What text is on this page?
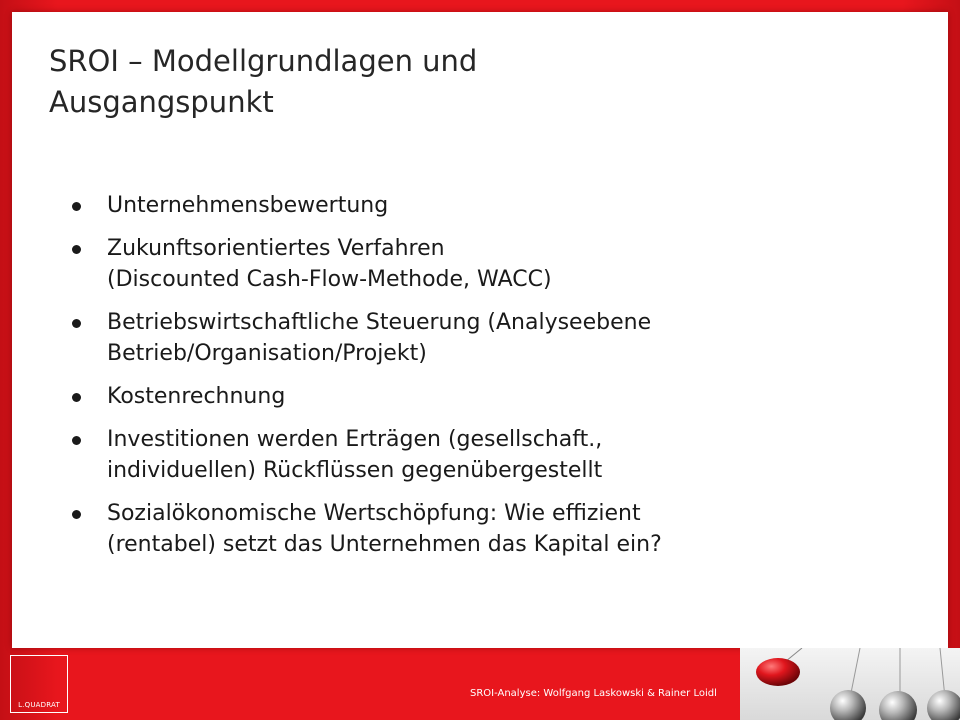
SROI – Modellgrundlagen und
Ausgangspunkt
Unternehmensbewertung
Zukunftsorientiertes Verfahren
(Discounted Cash-Flow-Methode, WACC)
Betriebswirtschaftliche Steuerung (Analyseebene
Betrieb/Organisation/Projekt)
Kostenrechnung
Investitionen werden Erträgen (gesellschaft.,
individuellen) Rückflüssen gegenübergestellt
Sozialökonomische Wertschöpfung: Wie effizient
(rentabel) setzt das Unternehmen das Kapital ein?
L.QUADRAT
SROI-Analyse: Wolfgang Laskowski & Rainer Loidl
